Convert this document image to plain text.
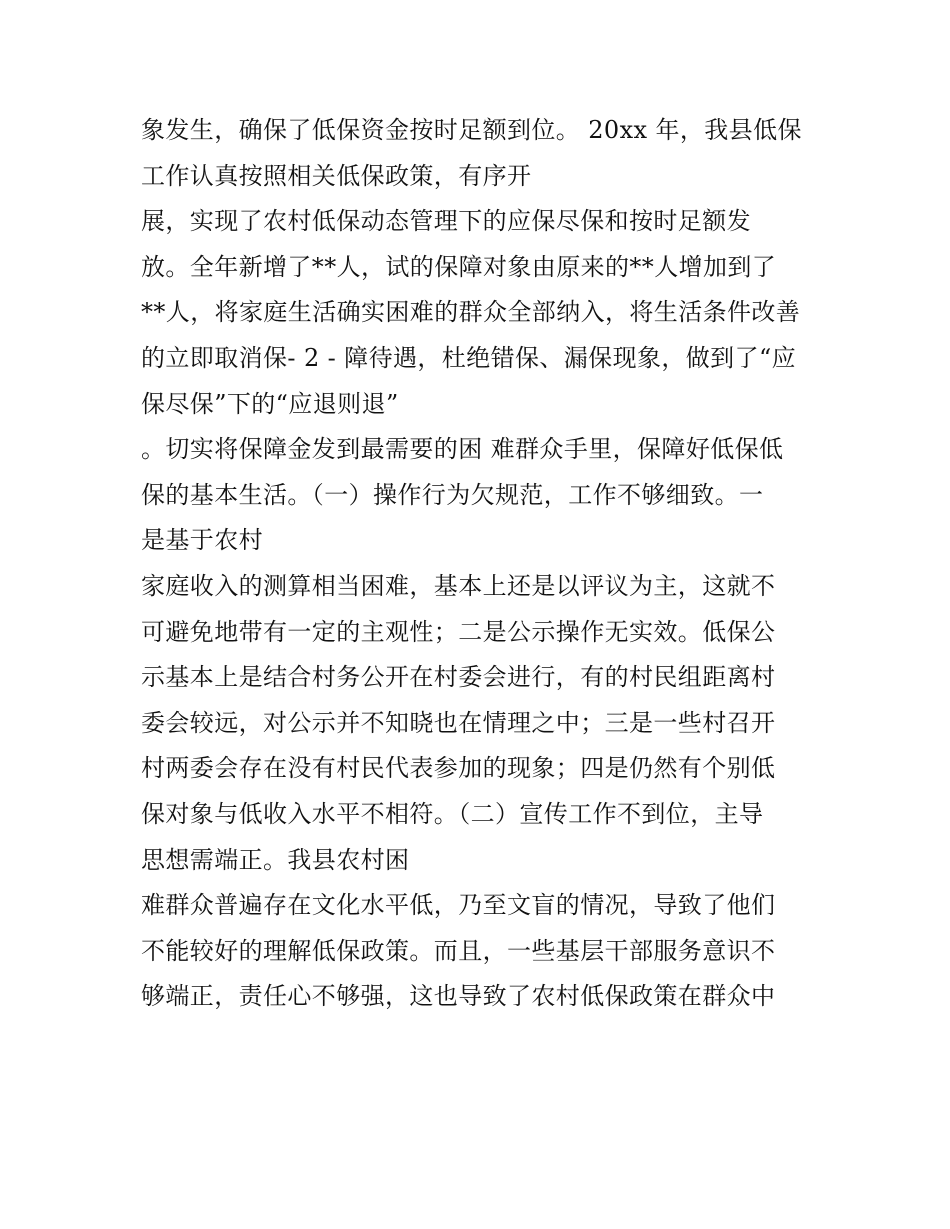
象发生，确保了低保资金按时足额到位。 20xx 年，我县低保
工作认真按照相关低保政策，有序开
展，实现了农村低保动态管理下的应保尽保和按时足额发
放。全年新增了**人，试的保障对象由原来的**人增加到了
**人，将家庭生活确实困难的群众全部纳入，将生活条件改善
的立即取消保- 2 - 障待遇，杜绝错保、漏保现象，做到了“应
保尽保”下的“应退则退”
。切实将保障金发到最需要的困 难群众手里，保障好低保低
保的基本生活。（一）操作行为欠规范，工作不够细致。一
是基于农村
家庭收入的测算相当困难，基本上还是以评议为主，这就不
可避免地带有一定的主观性；二是公示操作无实效。低保公
示基本上是结合村务公开在村委会进行，有的村民组距离村
委会较远，对公示并不知晓也在情理之中；三是一些村召开
村两委会存在没有村民代表参加的现象；四是仍然有个别低
保对象与低收入水平不相符。（二）宣传工作不到位，主导
思想需端正。我县农村困
难群众普遍存在文化水平低，乃至文盲的情况，导致了他们
不能较好的理解低保政策。而且，一些基层干部服务意识不
够端正，责任心不够强，这也导致了农村低保政策在群众中
